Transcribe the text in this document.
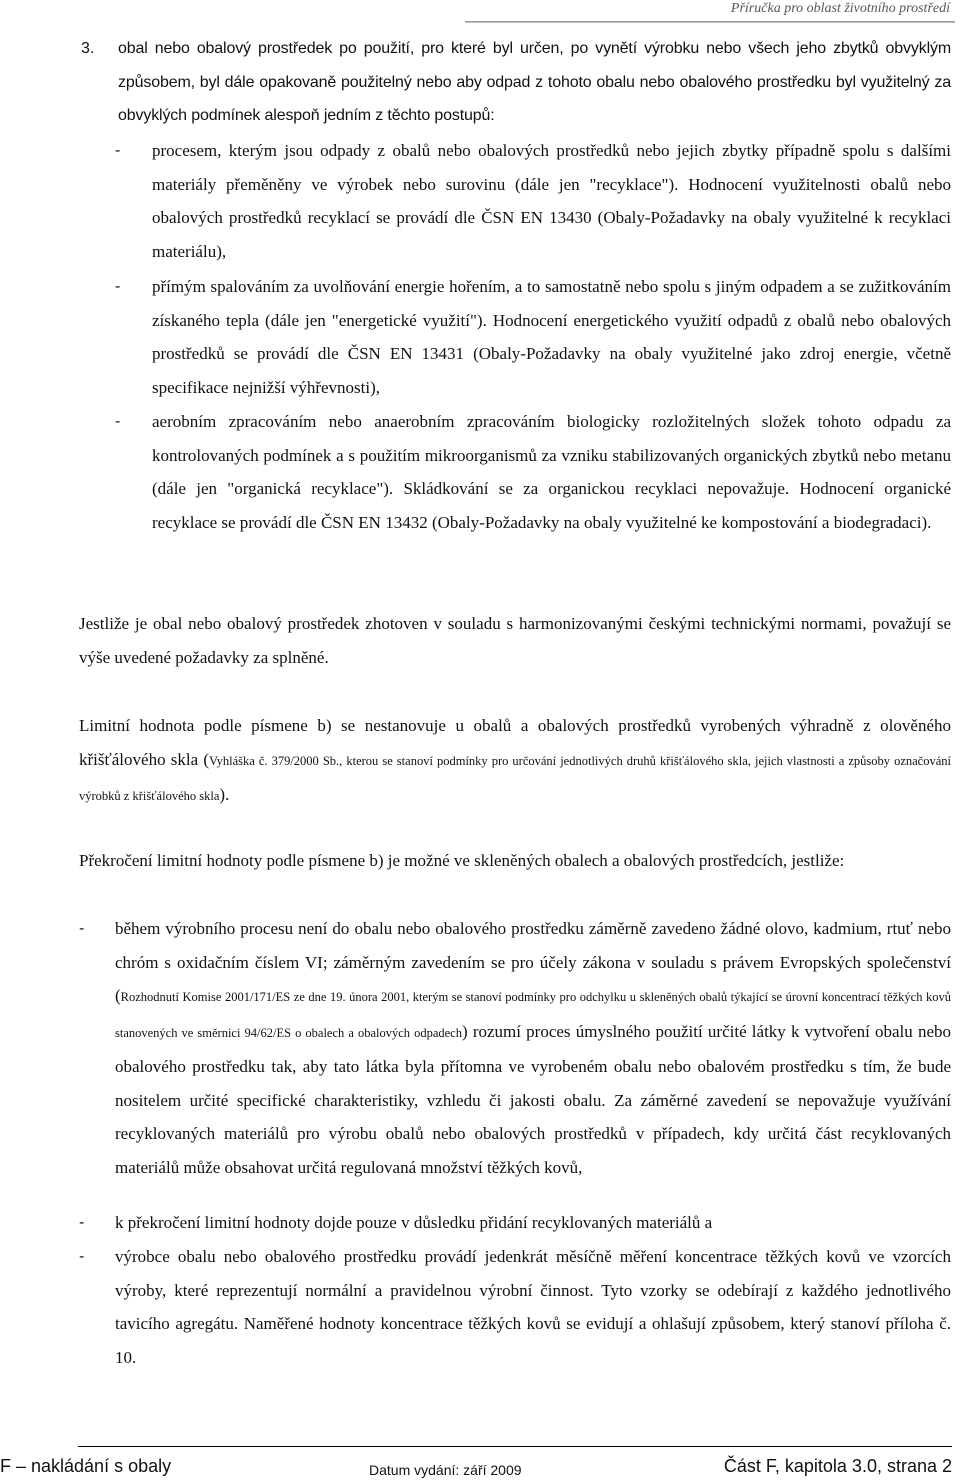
Příručka pro oblast životního prostředí
3. obal nebo obalový prostředek po použití, pro které byl určen, po vynětí výrobku nebo všech jeho zbytků obvyklým způsobem, byl dále opakovaně použitelný nebo aby odpad z tohoto obalu nebo obalového prostředku byl využitelný za obvyklých podmínek alespoň jedním z těchto postupů:
- procesem, kterým jsou odpady z obalů nebo obalových prostředků nebo jejich zbytky případně spolu s dalšími materiály přeměněny ve výrobek nebo surovinu (dále jen "recyklace"). Hodnocení využitelnosti obalů nebo obalových prostředků recyklací se provádí dle ČSN EN 13430 (Obaly-Požadavky na obaly využitelné k recyklaci materiálu),
- přímým spalováním za uvolňování energie hořením, a to samostatně nebo spolu s jiným odpadem a se zužitkováním získaného tepla (dále jen "energetické využití"). Hodnocení energetického využití odpadů z obalů nebo obalových prostředků se provádí dle ČSN EN 13431 (Obaly-Požadavky na obaly využitelné jako zdroj energie, včetně specifikace nejnižší výhřevnosti),
- aerobním zpracováním nebo anaerobním zpracováním biologicky rozložitelných složek tohoto odpadu za kontrolovaných podmínek a s použitím mikroorganismů za vzniku stabilizovaných organických zbytků nebo metanu (dále jen "organická recyklace"). Skládkování se za organickou recyklaci nepovažuje. Hodnocení organické recyklace se provádí dle ČSN EN 13432 (Obaly-Požadavky na obaly využitelné ke kompostování a biodegradaci).
Jestliže je obal nebo obalový prostředek zhotoven v souladu s harmonizovanými českými technickými normami, považují se výše uvedené požadavky za splněné.
Limitní hodnota podle písmene b) se nestanovuje u obalů a obalových prostředků vyrobených výhradně z olověného křišťálového skla (Vyhláška č. 379/2000 Sb., kterou se stanoví podmínky pro určování jednotlivých druhů křišťálového skla, jejich vlastnosti a způsoby označování výrobků z křišťálového skla).
Překročení limitní hodnoty podle písmene b) je možné ve skleněných obalech a obalových prostředcích, jestliže:
- během výrobního procesu není do obalu nebo obalového prostředku záměrně zavedeno žádné olovo, kadmium, rtuť nebo chróm s oxidačním číslem VI; záměrným zavedením se pro účely zákona v souladu s právem Evropských společenství (Rozhodnutí Komise 2001/171/ES ze dne 19. února 2001, kterým se stanoví podmínky pro odchylku u skleněných obalů týkající se úrovní koncentrací těžkých kovů stanovených ve směrnici 94/62/ES o obalech a obalových odpadech) rozumí proces úmyslného použití určité látky k vytvoření obalu nebo obalového prostředku tak, aby tato látka byla přítomna ve vyrobeném obalu nebo obalovém prostředku s tím, že bude nositelem určité specifické charakteristiky, vzhledu či jakosti obalu. Za záměrné zavedení se nepovažuje využívání recyklovaných materiálů pro výrobu obalů nebo obalových prostředků v případech, kdy určitá část recyklovaných materiálů může obsahovat určitá regulovaná množství těžkých kovů,
- k překročení limitní hodnoty dojde pouze v důsledku přidání recyklovaných materiálů a
- výrobce obalu nebo obalového prostředku provádí jedenkrát měsíčně měření koncentrace těžkých kovů ve vzorcích výroby, které reprezentují normální a pravidelnou výrobní činnost. Tyto vzorky se odebírají z každého jednotlivého tavicího agregátu. Naměřené hodnoty koncentrace těžkých kovů se evidují a ohlašují způsobem, který stanoví příloha č. 10.
F – nakládání s obaly	Datum vydání: září 2009	Část F, kapitola 3.0, strana 2
